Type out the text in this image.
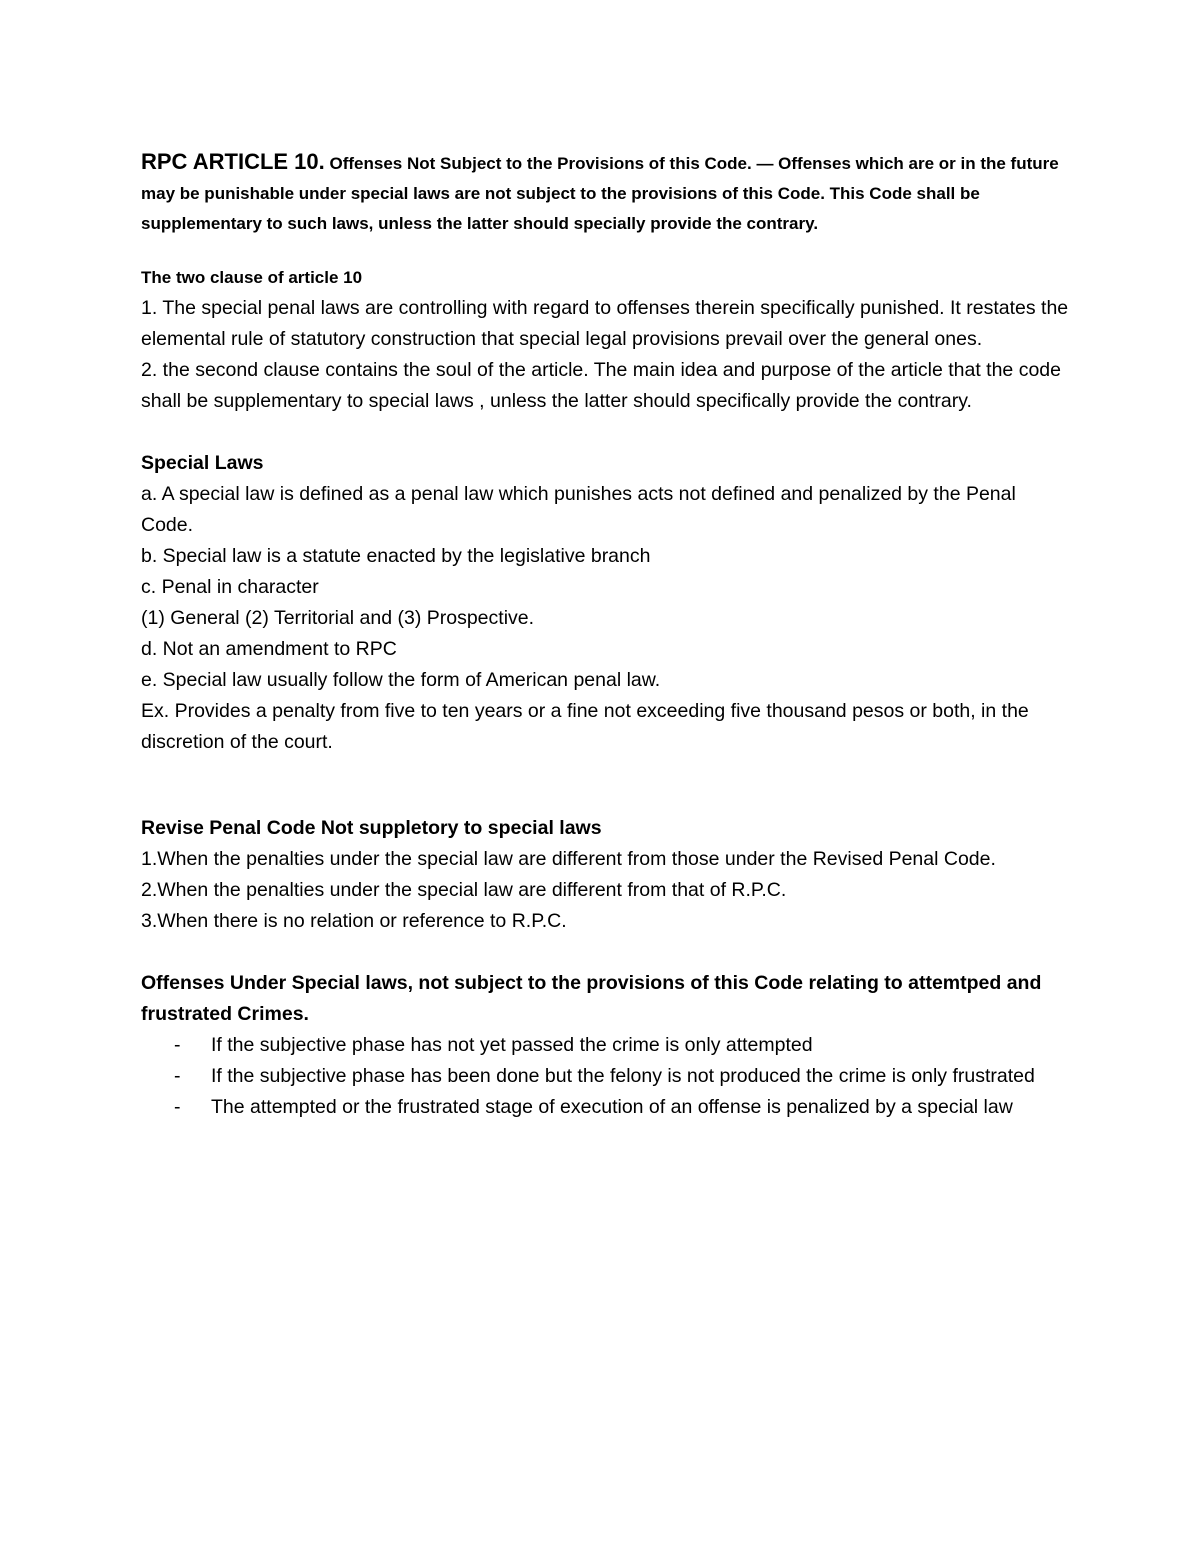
RPC ARTICLE 10. Offenses Not Subject to the Provisions of this Code. — Offenses which are or in the future may be punishable under special laws are not subject to the provisions of this Code. This Code shall be supplementary to such laws, unless the latter should specially provide the contrary.

The two clause of article 10

1. The special penal laws are controlling with regard to offenses therein specifically punished. It restates the elemental rule of statutory construction that special legal provisions prevail over the general ones.

2. the second clause contains the soul of the article. The main idea and purpose of the article that the code shall be supplementary to special laws , unless the latter should specifically provide the contrary.

Special Laws

a. A special law is defined as a penal law which punishes acts not defined and penalized by the Penal Code.

b. Special law is a statute enacted by the legislative branch

c. Penal in character

(1) General (2) Territorial and (3) Prospective.

d. Not an amendment to RPC

e. Special law usually follow the form of American penal law.

Ex. Provides a penalty from five to ten years or a fine not exceeding five thousand pesos or both, in the discretion of the court.

Revise Penal Code Not suppletory to special laws

1.When the penalties under the special law are different from those under the Revised Penal Code.

2.When the penalties under the special law are different from that of R.P.C.

3.When there is no relation or reference to R.P.C.

Offenses Under Special laws, not subject to the provisions of this Code relating to attemtped and frustrated Crimes.

- If the subjective phase has not yet passed the crime is only attempted
- If the subjective phase has been done but the felony is not produced the crime is only frustrated
- The attempted or the frustrated stage of execution of an offense is penalized by a special law
